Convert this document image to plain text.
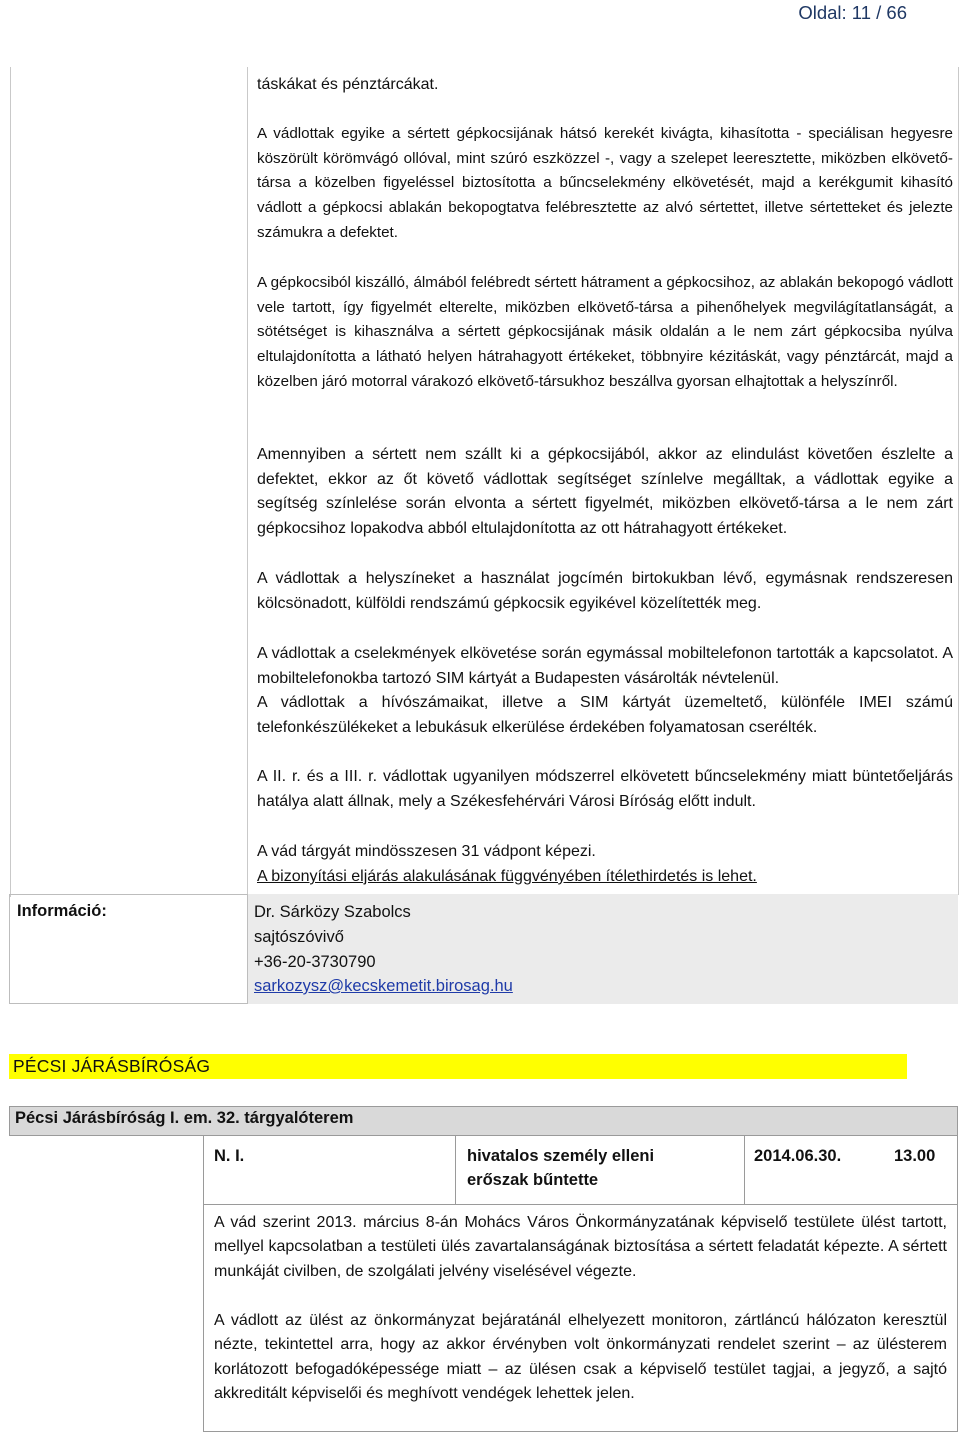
Oldal: 11 / 66
táskákat és pénztárcákat.
A vádlottak egyike a sértett gépkocsijának hátsó kerekét kivágta, kihasította - speciálisan hegyesre köszörült körömvágó ollóval, mint szúró eszközzel -, vagy a szelepet leeresztette, miközben elkövető-társa a közelben figyeléssel biztosította a bűncselekmény elkövetését, majd a kerékgumit kihasító vádlott a gépkocsi ablakán bekopogtatva felébresztette az alvó sértettet, illetve sértetteket és jelezte számukra a defektet.
A gépkocsiból kiszálló, álmából felébredt sértett hátrament a gépkocsihoz, az ablakán bekopogó vádlott vele tartott, így figyelmét elterelte, miközben elkövető-társa a pihenőhelyek megvilágítatlanságát, a sötétséget is kihasználva a sértett gépkocsijának másik oldalán a le nem zárt gépkocsiba nyúlva eltulajdonította a látható helyen hátrahagyott értékeket, többnyire kézitáskát, vagy pénztárcát, majd a közelben járó motorral várakozó elkövető-társukhoz beszállva gyorsan elhajtottak a helyszínről.
Amennyiben a sértett nem szállt ki a gépkocsijából, akkor az elindulást követően észlelte a defektet, ekkor az őt követő vádlottak segítséget színlelve megálltak, a vádlottak egyike a segítség színlelése során elvonta a sértett figyelmét, miközben elkövető-társa a le nem zárt gépkocsihoz lopakodva abból eltulajdonította az ott hátrahagyott értékeket.
A vádlottak a helyszíneket a használat jogcímén birtokukban lévő, egymásnak rendszeresen kölcsönadott, külföldi rendszámú gépkocsik egyikével közelítették meg.
A vádlottak a cselekmények elkövetése során egymással mobiltelefonon tartották a kapcsolatot. A mobiltelefonokba tartozó SIM kártyát a Budapesten vásárolták névtelenül.
A vádlottak a hívószámaikat, illetve a SIM kártyát üzemeltető, különféle IMEI számú telefonkészülékeket a lebukásuk elkerülése érdekében folyamatosan cserélték.
A II. r. és a III. r. vádlottak ugyanilyen módszerrel elkövetett bűncselekmény miatt büntetőeljárás hatálya alatt állnak, mely a Székesfehérvári Városi Bíróság előtt indult.
A vád tárgyát mindösszesen 31 vádpont képezi.
A bizonyítási eljárás alakulásának függvényében ítélethirdetés is lehet.
Információ:	Dr. Sárközy Szabolcs
sajtószóvivő
+36-20-3730790
sarkozysz@kecskemetit.birosag.hu
PÉCSI JÁRÁSBÍRÓSÁG
Pécsi Járásbíróság I. em. 32. tárgyalóterem
N. I.	hivatalos személy elleni
erőszak bűntette
2014.06.30.	13.00
A vád szerint 2013. március 8-án Mohács Város Önkormányzatának képviselő testülete ülést tartott, mellyel kapcsolatban a testületi ülés zavartalanságának biztosítása a sértett feladatát képezte. A sértett munkáját civilben, de szolgálati jelvény viselésével végezte.
A vádlott az ülést az önkormányzat bejáratánál elhelyezett monitoron, zártláncú hálózaton keresztül nézte, tekintettel arra, hogy az akkor érvényben volt önkormányzati rendelet szerint – az ülésterem korlátozott befogadóképessége miatt – az ülésen csak a képviselő testület tagjai, a jegyző, a sajtó akkreditált képviselői és meghívott vendégek lehettek jelen.
